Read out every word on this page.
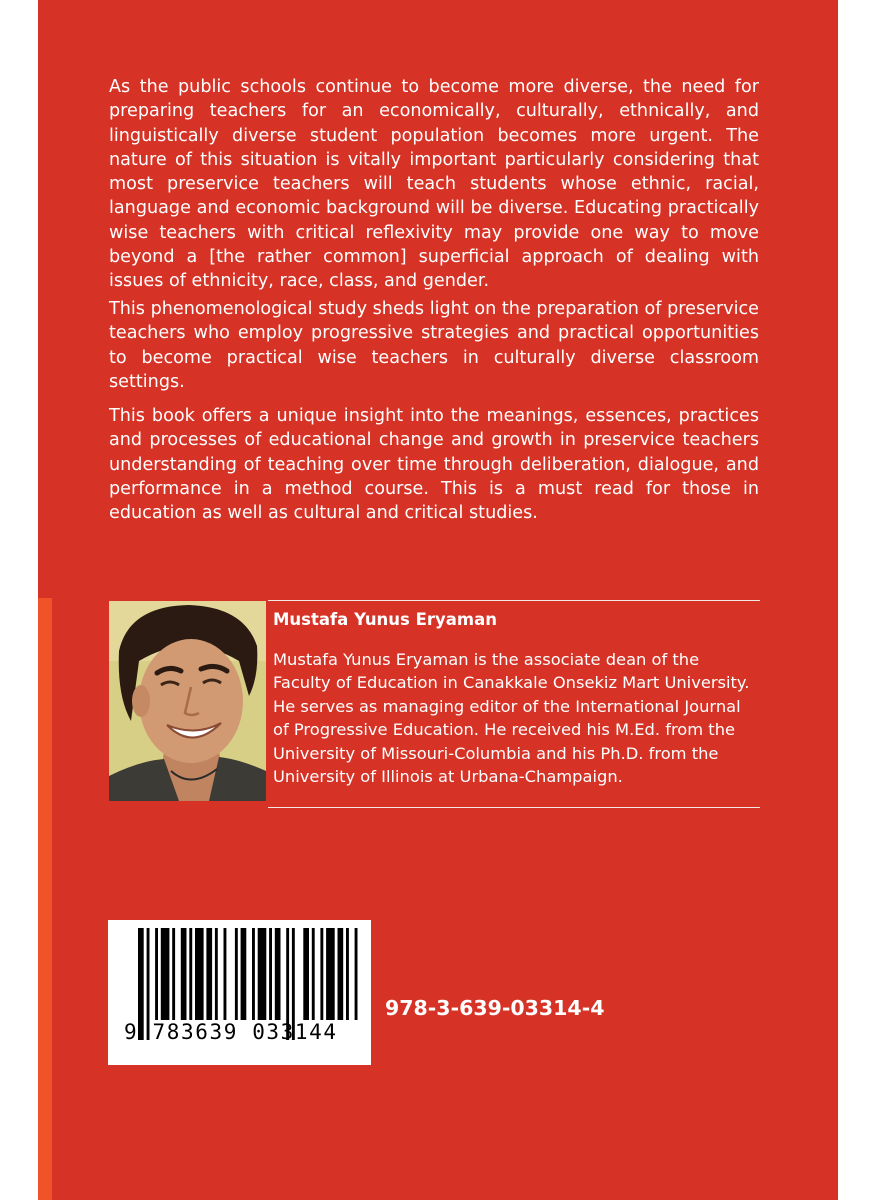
As the public schools continue to become more diverse, the need for preparing teachers for an economically, culturally, ethnically, and linguistically diverse student population becomes more urgent. The nature of this situation is vitally important particularly considering that most preservice teachers will teach students whose ethnic, racial, language and economic background will be diverse. Educating practically wise teachers with critical reflexivity may provide one way to move beyond a [the rather common] superficial approach of dealing with issues of ethnicity, race, class, and gender.

This phenomenological study sheds light on the preparation of preservice teachers who employ progressive strategies and practical opportunities to become practical wise teachers in culturally diverse classroom settings.

This book offers a unique insight into the meanings, essences, practices and processes of educational change and growth in preservice teachers understanding of teaching over time through deliberation, dialogue, and performance in a method course. This is a must read for those in education as well as cultural and critical studies.

Mustafa Yunus Eryaman

Mustafa Yunus Eryaman is the associate dean of the Faculty of Education in Canakkale Onsekiz Mart University. He serves as managing editor of the International Journal of Progressive Education. He received his M.Ed. from the University of Missouri-Columbia and his Ph.D. from the University of Illinois at Urbana-Champaign.

9 783639 033144

978-3-639-03314-4
